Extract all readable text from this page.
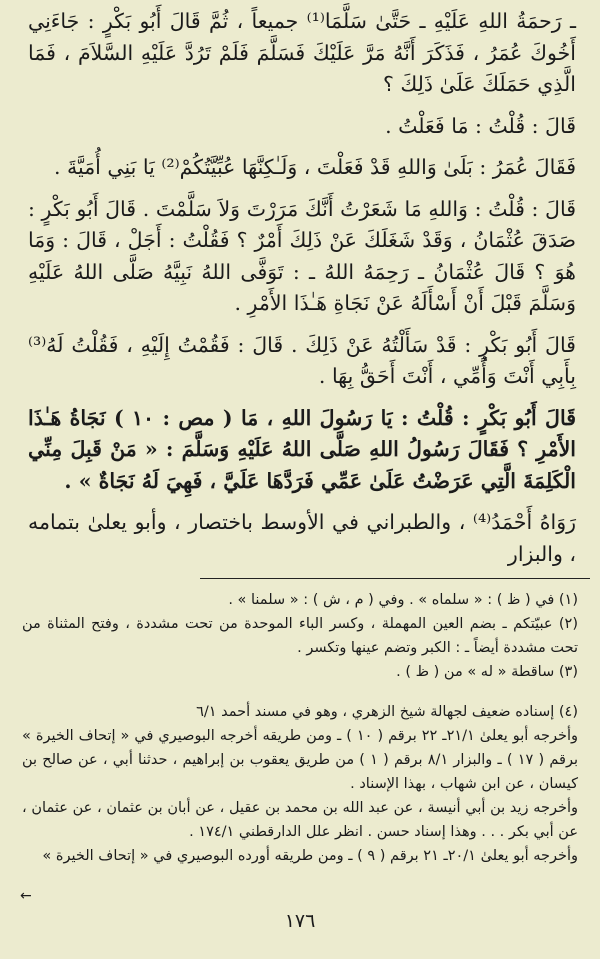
ـ رَحمَةُ اللهِ عَلَيْهِ ـ حَتَّىٰ سَلَّمَا⁽¹⁾ جميعاً ، ثُمَّ قَالَ أَبُو بَكْرٍ : جَاءَنِي أَخُوكَ عُمَرُ ، فَذَكَرَ أَنَّهُ مَرَّ عَلَيْكَ فَسَلَّمَ فَلَمْ تَرُدَّ عَلَيْهِ السَّلاَمَ ، فَمَا الَّذِي حَمَلَكَ عَلَىٰ ذَلِكَ ؟

قَالَ : قُلْتُ : مَا فَعَلْتُ .

فَقَالَ عُمَرُ : بَلَىٰ وَاللهِ قَدْ فَعَلْتَ ، وَلَـٰكِنَّهَا عُبِّيَّتُكُمْ⁽²⁾ يَا بَنِي أُمَيَّةَ .

قَالَ : قُلْتُ : وَاللهِ مَا شَعَرْتُ أَنَّكَ مَرَرْتَ وَلاَ سَلَّمْتَ . قَالَ أَبُو بَكْرٍ : صَدَقَ عُثْمَانُ ، وَقَدْ شَغَلَكَ عَنْ ذَلِكَ أَمْرٌ ؟ فَقُلْتُ : أَجَلْ ، قَالَ : وَمَا هُوَ ؟ قَالَ عُثْمَانُ ـ رَحِمَهُ اللهُ ـ : تَوَفَّى اللهُ نَبِيَّهُ صَلَّى اللهُ عَلَيْهِ وَسَلَّمَ قَبْلَ أَنْ أَسْأَلَهُ عَنْ نَجَاةِ هَـٰذَا الأَمْرِ .

قَالَ أَبُو بَكْرٍ : قَدْ سَأَلْتُهُ عَنْ ذَلِكَ . قَالَ : فَقُمْتُ إِلَيْهِ ، فَقُلْتُ لَهُ⁽³⁾ بِأَبِي أَنْتَ وَأُمِّي ، أَنْتَ أَحَقُّ بِهَا .

قَالَ أَبُو بَكْرٍ : قُلْتُ : يَا رَسُولَ اللهِ ، مَا ( مص : ١٠ ) نَجَاةُ هَـٰذَا الأَمْرِ ؟ فَقَالَ رَسُولُ اللهِ صَلَّى اللهُ عَلَيْهِ وَسَلَّمَ : « مَنْ قَبِلَ مِنِّي الْكَلِمَةَ الَّتِي عَرَضْتُ عَلَىٰ عَمِّي فَرَدَّهَا عَلَيَّ ، فَهِيَ لَهُ نَجَاةٌ » .

رَوَاهُ أَحْمَدُ⁽⁴⁾ ، والطبراني في الأوسط باختصار ، وأبو يعلىٰ بتمامه ، والبزار

(١) في ( ظ ) : « سلماه » . وفي ( م ، ش ) : « سلمنا » .

(٢) عبيّتكم ـ بضم العين المهملة ، وكسر الباء الموحدة من تحت مشددة ، وفتح المثناة من تحت مشددة أيضاً ـ : الكبر وتضم عينها وتكسر .

(٣) ساقطة « له » من ( ظ ) .

(٤) إسناده ضعيف لجهالة شيخ الزهري ، وهو في مسند أحمد ٦/١

وأخرجه أبو يعلىٰ ٢١/١ـ ٢٢ برقم ( ١٠ ) ـ ومن طريقه أخرجه البوصيري في « إتحاف الخيرة » برقم ( ١٧ ) ـ والبزار ٨/١ برقم ( ١ ) من طريق يعقوب بن إبراهيم ، حدثنا أبي ، عن صالح بن كيسان ، عن ابن شهاب ، بهذا الإسناد .

وأخرجه زيد بن أبي أنيسة ، عن عبد الله بن محمد بن عقيل ، عن أبان بن عثمان ، عن عثمان ، عن أبي بكر . . . وهذا إسناد حسن . انظر علل الدارقطني ١٧٤/١ .

وأخرجه أبو يعلىٰ ٢٠/١ـ ٢١ برقم ( ٩ ) ـ ومن طريقه أورده البوصيري في « إتحاف الخيرة »

←
١٧٦
